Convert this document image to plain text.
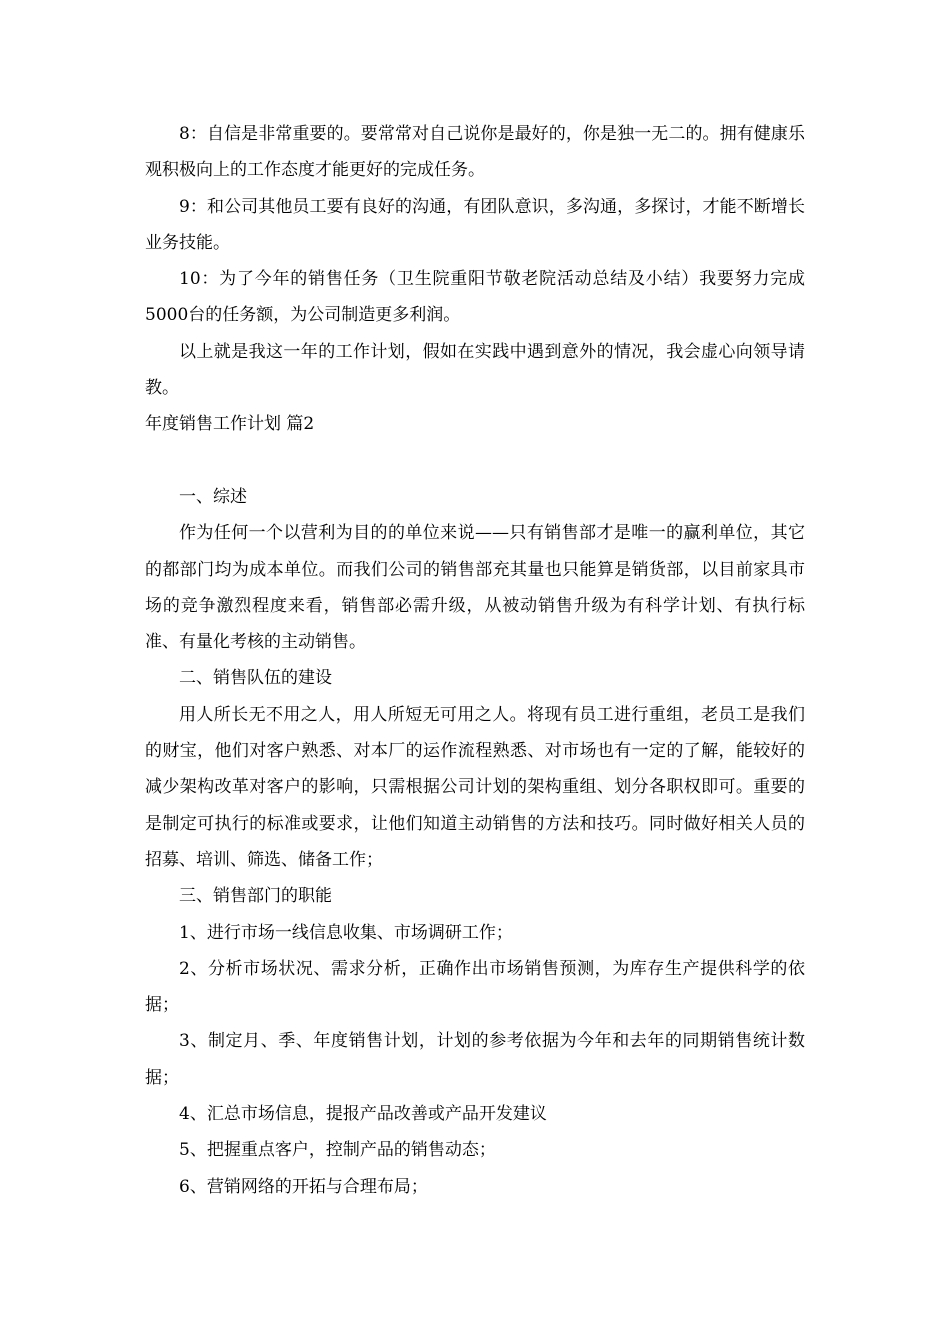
8：自信是非常重要的。要常常对自己说你是最好的，你是独一无二的。拥有健康乐观积极向上的工作态度才能更好的完成任务。

9：和公司其他员工要有良好的沟通，有团队意识，多沟通，多探讨，才能不断增长业务技能。

10：为了今年的销售任务（卫生院重阳节敬老院活动总结及小结）我要努力完成5000台的任务额，为公司制造更多利润。

以上就是我这一年的工作计划，假如在实践中遇到意外的情况，我会虚心向领导请教。

年度销售工作计划 篇2

一、综述

作为任何一个以营利为目的的单位来说——只有销售部才是唯一的赢利单位，其它的都部门均为成本单位。而我们公司的销售部充其量也只能算是销货部，以目前家具市场的竞争激烈程度来看，销售部必需升级，从被动销售升级为有科学计划、有执行标准、有量化考核的主动销售。

二、销售队伍的建设

用人所长无不用之人，用人所短无可用之人。将现有员工进行重组，老员工是我们的财宝，他们对客户熟悉、对本厂的运作流程熟悉、对市场也有一定的了解，能较好的减少架构改革对客户的影响，只需根据公司计划的架构重组、划分各职权即可。重要的是制定可执行的标准或要求，让他们知道主动销售的方法和技巧。同时做好相关人员的招募、培训、筛选、储备工作；

三、销售部门的职能

1、进行市场一线信息收集、市场调研工作；

2、分析市场状况、需求分析，正确作出市场销售预测，为库存生产提供科学的依据；

3、制定月、季、年度销售计划，计划的参考依据为今年和去年的同期销售统计数据；

4、汇总市场信息，提报产品改善或产品开发建议

5、把握重点客户，控制产品的销售动态；

6、营销网络的开拓与合理布局；
